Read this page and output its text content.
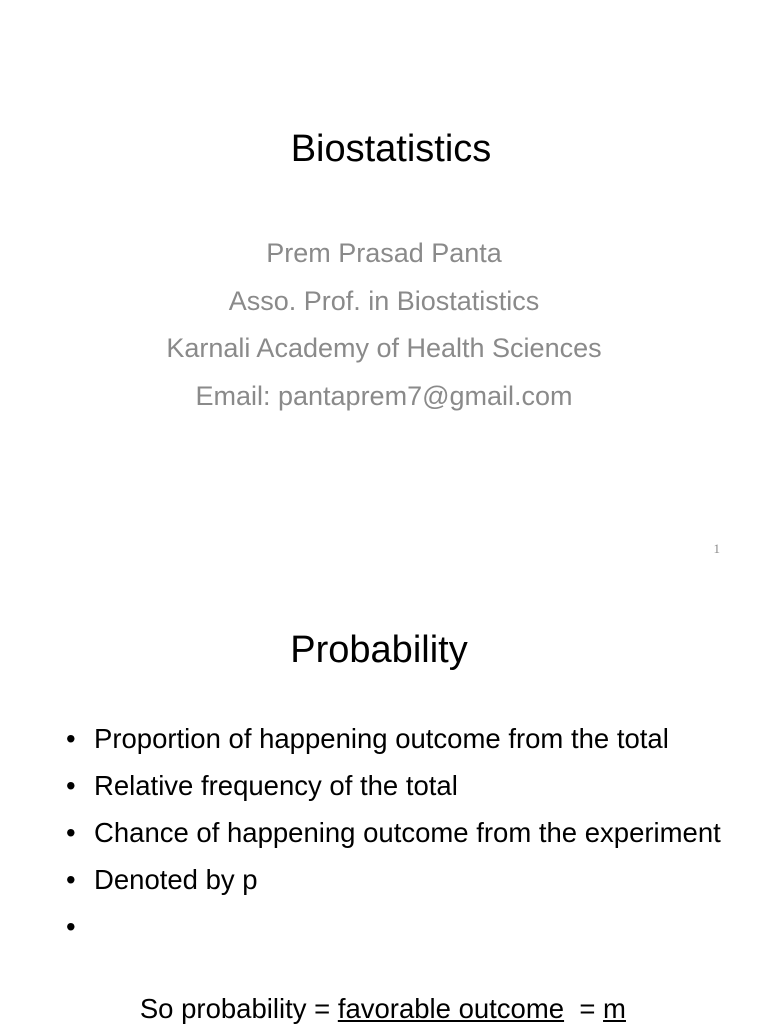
Biostatistics
Prem Prasad Panta
Asso. Prof. in Biostatistics
Karnali Academy of Health Sciences
Email: pantaprem7@gmail.com
1
Probability
• Proportion of happening outcome from the total
• Relative frequency of the total
• Chance of happening outcome from the experiment
• Denoted by p

•

So probability = favorable outcome  = m
